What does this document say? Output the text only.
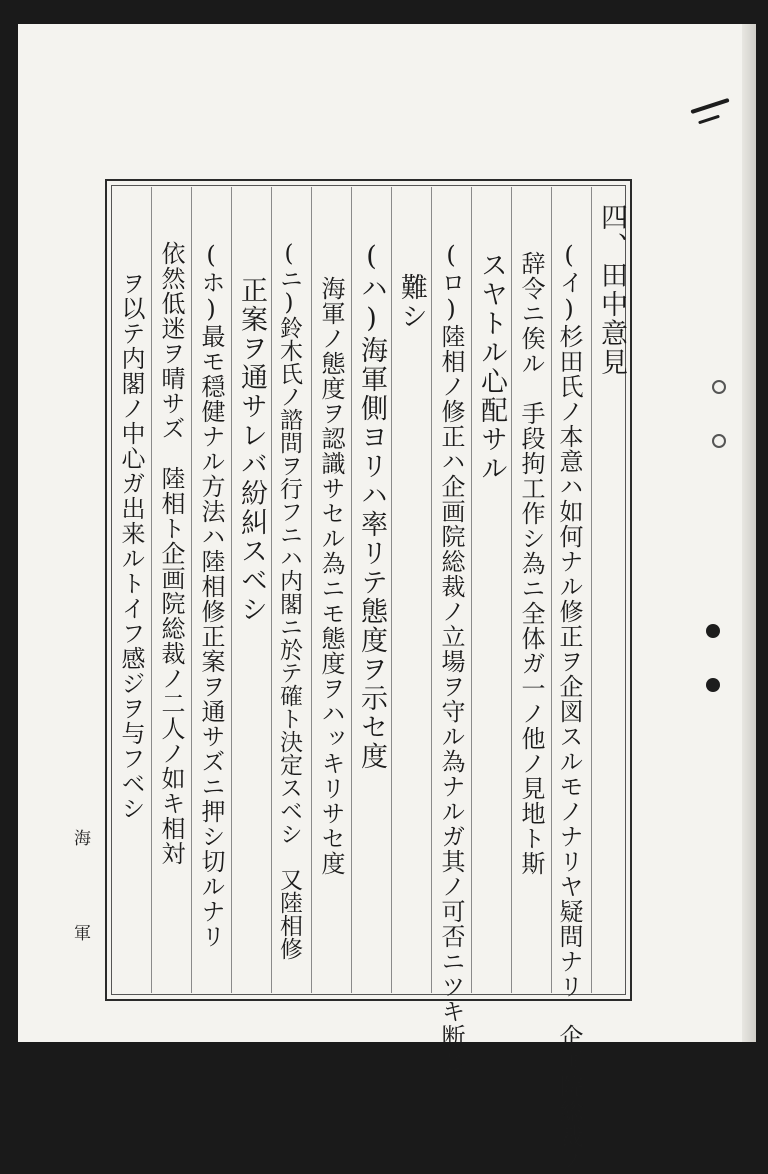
海
軍
四、田中意見
(イ)杉田氏ノ本意ハ如何ナル修正ヲ企図スルモノナリヤ疑問ナリ　企画院総裁ノ
辞令ニ俟ル　手段拘工作シ為ニ全体ガ一ノ他ノ見地ト斯
スヤトル心配サル
(ロ)陸相ノ修正ハ企画院総裁ノ立場ヲ守ル為ナルガ其ノ可否ニツキ断じ
難シ
(ハ)海軍側ヨリハ率リテ態度ヲ示セ度
海軍ノ態度ヲ認識サセル為ニモ態度ヲハッキリサセ度
(ニ)鈴木氏ノ諮問ヲ行フニハ内閣ニ於テ確ト決定スベシ　又陸相修
正案ヲ通サレバ紛糾スベシ
(ホ)最モ穏健ナル方法ハ陸相修正案ヲ通サズニ押シ切ルナリ
依然低迷ヲ晴サズ　陸相ト企画院総裁ノ二人ノ如キ相対
ヲ以テ内閣ノ中心ガ出来ルトイフ感ジヲ与フベシ
